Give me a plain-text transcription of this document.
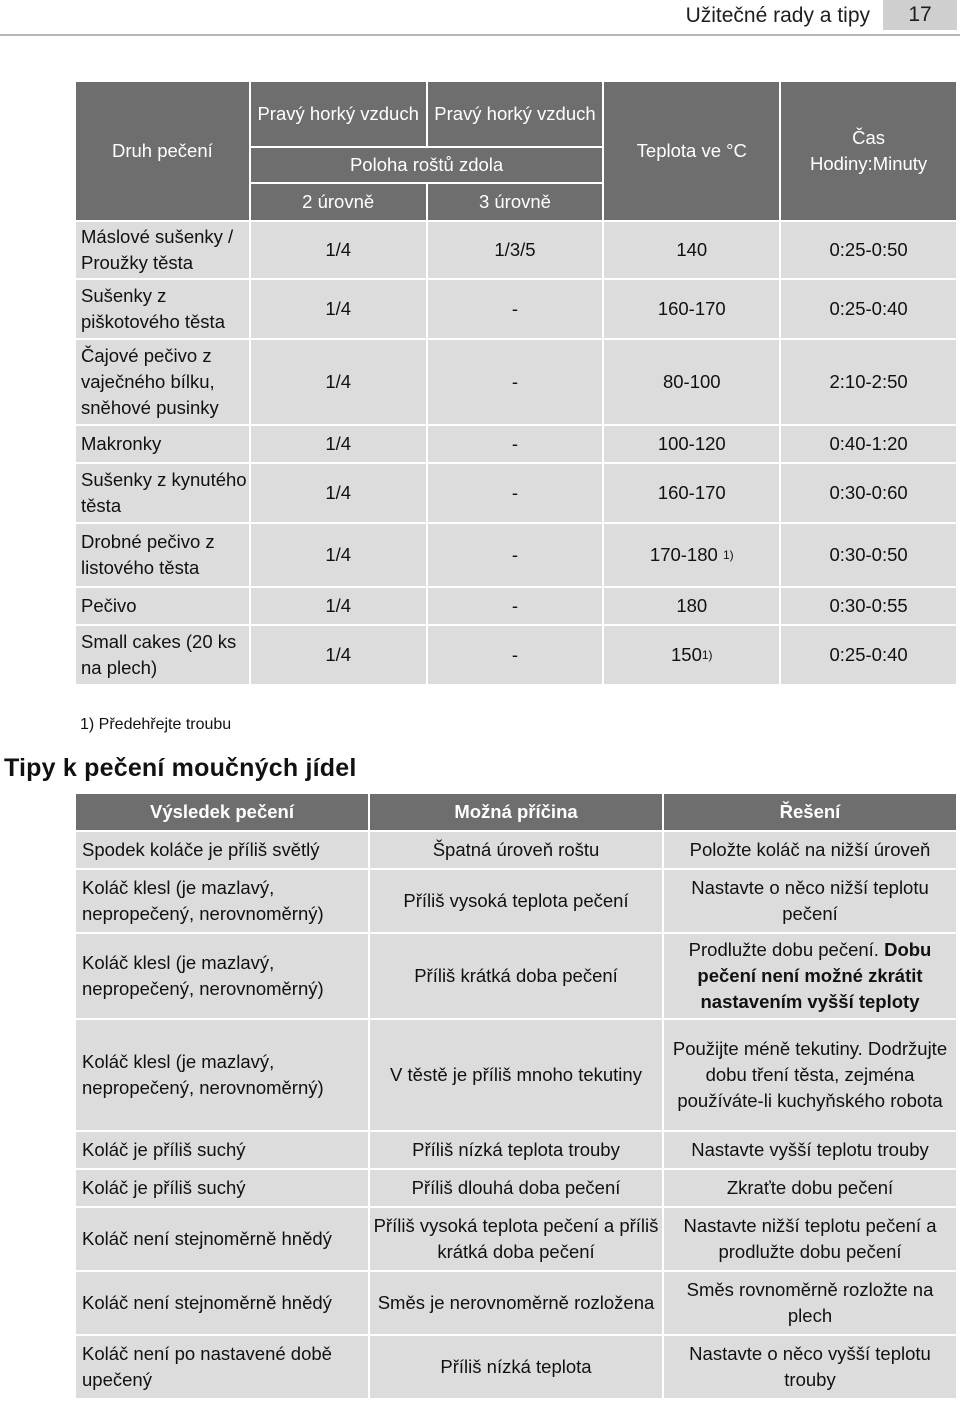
Užitečné rady a tipy	17
Druh pečení	Pravý horký vzduch	Pravý horký vzduch	Teplota ve °C	Čas
Hodiny:Minuty
	Poloha roštů zdola			
	2 úrovně	3 úrovně		
Máslové sušenky / Proužky těsta	1/4	1/3/5	140	0:25-0:50
Sušenky z piškotového těsta	1/4	-	160-170	0:25-0:40
Čajové pečivo z vaječného bílku, sněhové pusinky	1/4	-	80-100	2:10-2:50
Makronky	1/4	-	100-120	0:40-1:20
Sušenky z kynutého těsta	1/4	-	160-170	0:30-0:60
Drobné pečivo z listového těsta	1/4	-	170-180 $^{1)}$	0:30-0:50
Pečivo	1/4	-	180	0:30-0:55
Small cakes (20 ks na plech)	1/4	-	150$^{1)}$	0:25-0:40
1) Předehřejte troubu
Tipy k pečení moučných jídel
Výsledek pečení	Možná příčina	Řešení
Spodek koláče je příliš světlý	Špatná úroveň roštu	Položte koláč na nižší úroveň
Koláč klesl (je mazlavý, nepropečený, nerovnoměrný)	Příliš vysoká teplota pečení	Nastavte o něco nižší teplotu pečení
Koláč klesl (je mazlavý, nepropečený, nerovnoměrný)	Příliš krátká doba pečení	Prodlužte dobu pečení. Dobu pečení není možné zkrátit nastavením vyšší teploty
Koláč klesl (je mazlavý, nepropečený, nerovnoměrný)	V těstě je příliš mnoho tekutiny	Použijte méně tekutiny. Dodržujte dobu tření těsta, zejména používáte-li kuchyňského robota
Koláč je příliš suchý	Příliš nízká teplota trouby	Nastavte vyšší teplotu trouby
Koláč je příliš suchý	Příliš dlouhá doba pečení	Zkraťte dobu pečení
Koláč není stejnoměrně hnědý	Příliš vysoká teplota pečení a příliš krátká doba pečení	Nastavte nižší teplotu pečení a prodlužte dobu pečení
Koláč není stejnoměrně hnědý	Směs je nerovnoměrně rozložena	Směs rovnoměrně rozložte na plech
Koláč není po nastavené době upečený	Příliš nízká teplota	Nastavte o něco vyšší teplotu trouby
